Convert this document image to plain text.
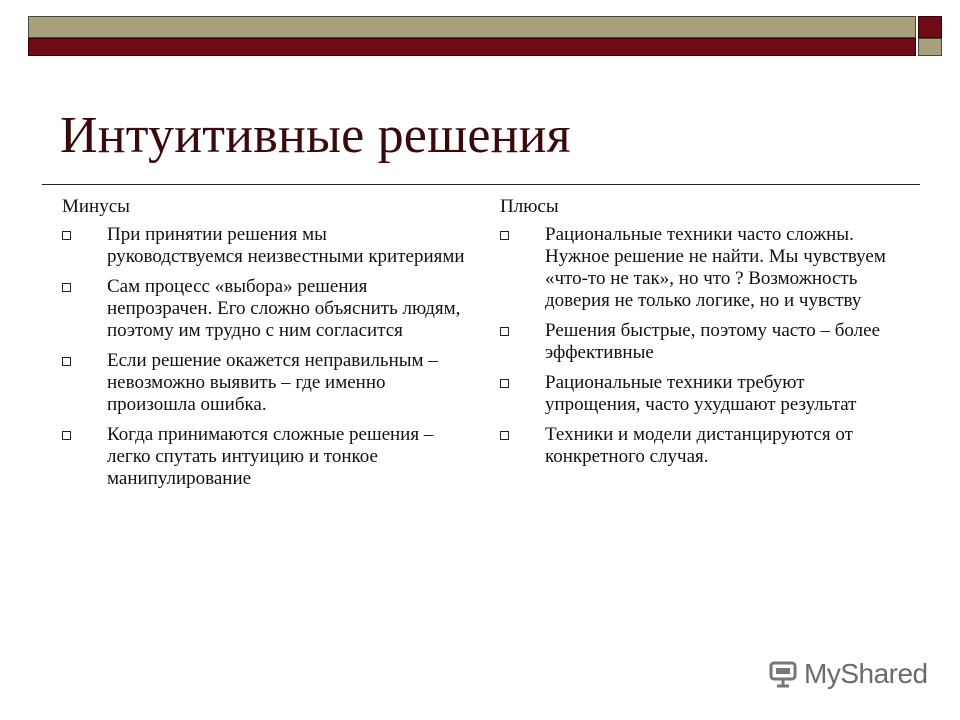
Интуитивные решения
Минусы
При принятии решения мы руководствуемся неизвестными критериями
Сам процесс «выбора» решения непрозрачен. Его сложно объяснить людям, поэтому им трудно с ним согласится
Если решение окажется неправильным – невозможно выявить – где именно произошла ошибка.
Когда принимаются сложные решения – легко спутать интуицию и тонкое манипулирование
Плюсы
Рациональные техники часто сложны. Нужное решение не найти. Мы чувствуем «что-то не так», но что ? Возможность доверия не только логике, но и чувству
Решения быстрые, поэтому часто – более эффективные
Рациональные техники требуют упрощения, часто ухудшают результат
Техники и модели дистанцируются от конкретного случая.
MyShared
